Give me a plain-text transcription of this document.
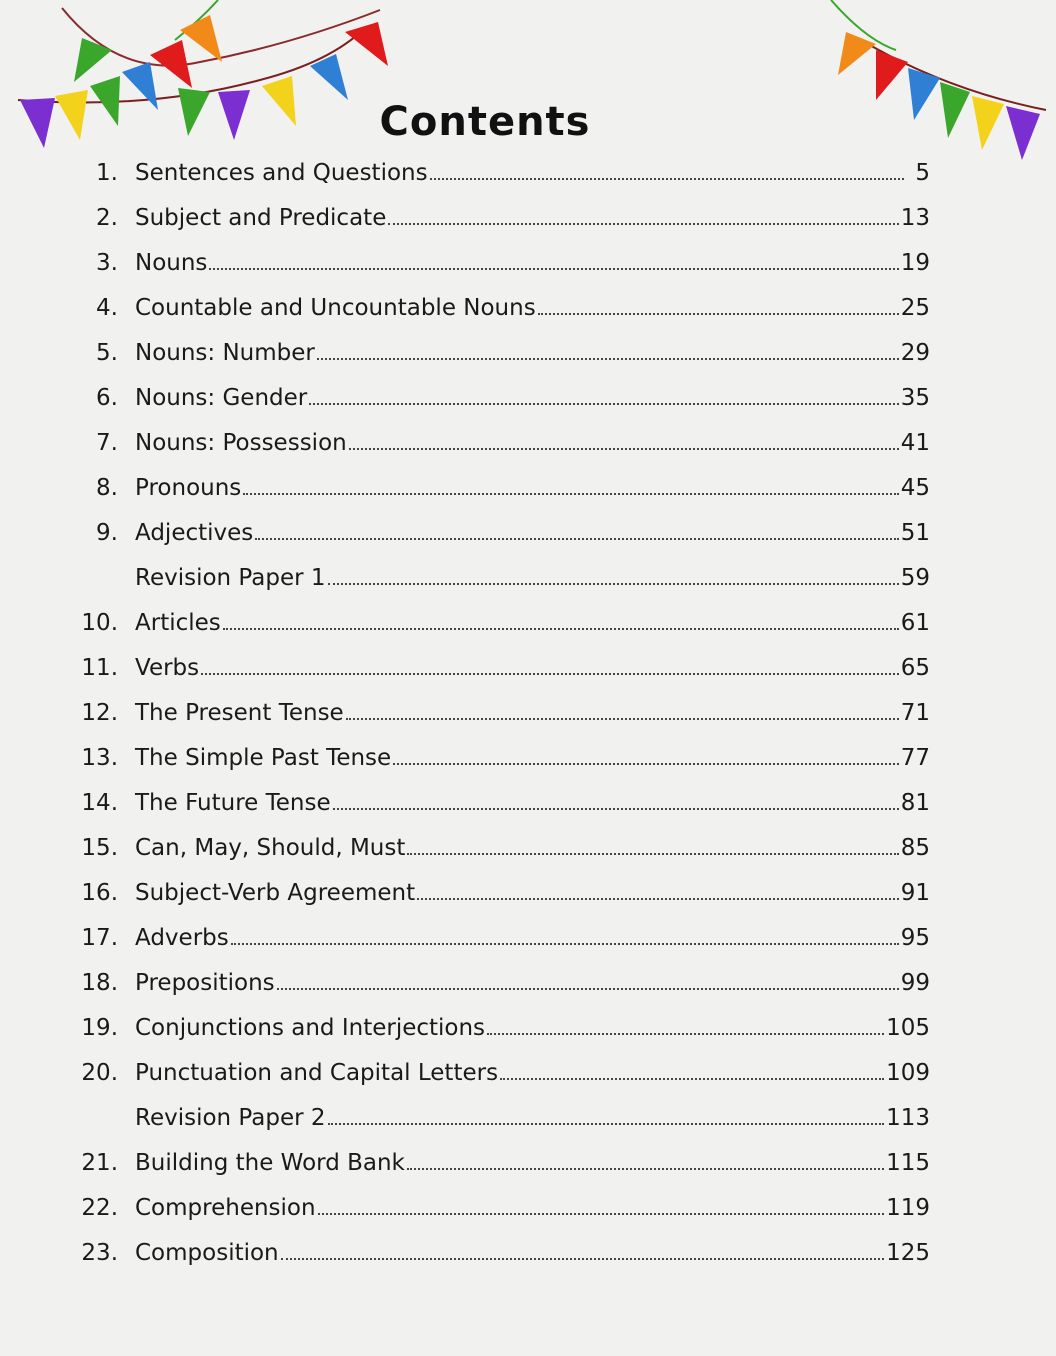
Contents
1. Sentences and Questions	5
2. Subject and Predicate	13
3. Nouns	19
4. Countable and Uncountable Nouns	25
5. Nouns: Number	29
6. Nouns: Gender	35
7. Nouns: Possession	41
8. Pronouns	45
9. Adjectives	51
Revision Paper 1	59
10. Articles	61
11. Verbs	65
12. The Present Tense	71
13. The Simple Past Tense	77
14. The Future Tense	81
15. Can, May, Should, Must	85
16. Subject-Verb Agreement	91
17. Adverbs	95
18. Prepositions	99
19. Conjunctions and Interjections	105
20. Punctuation and Capital Letters	109
Revision Paper 2	113
21. Building the Word Bank	115
22. Comprehension	119
23. Composition	125
